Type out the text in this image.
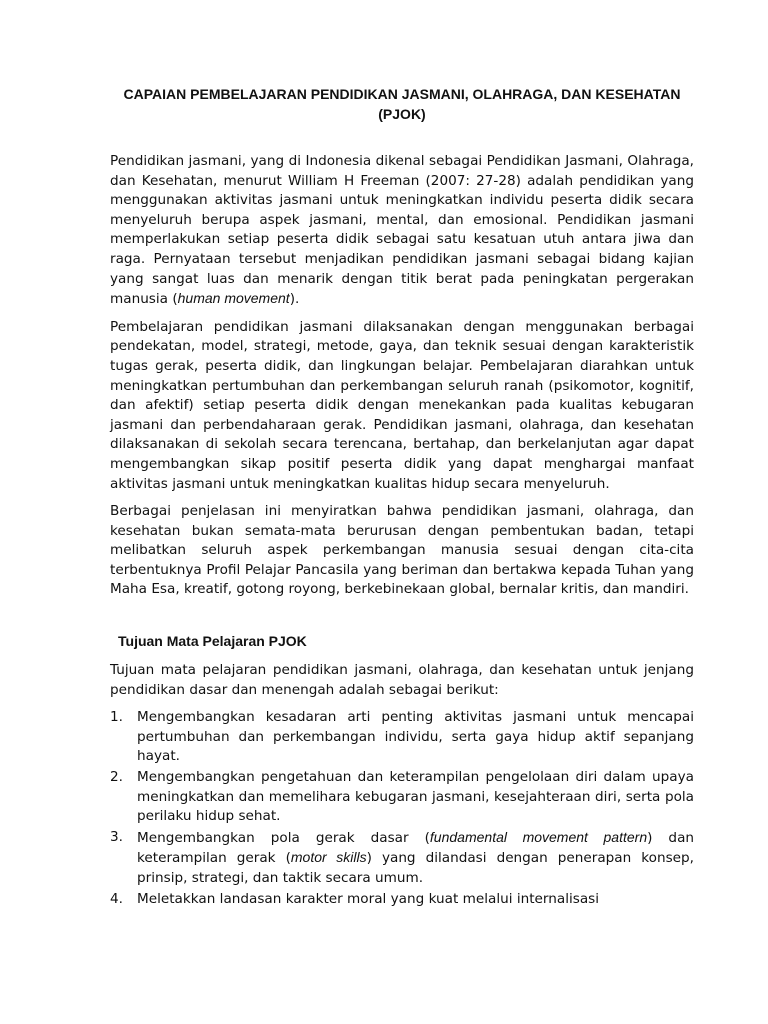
CAPAIAN PEMBELAJARAN PENDIDIKAN JASMANI, OLAHRAGA, DAN KESEHATAN (PJOK)

Pendidikan jasmani, yang di Indonesia dikenal sebagai Pendidikan Jasmani, Olahraga, dan Kesehatan, menurut William H Freeman (2007: 27-28) adalah pendidikan yang menggunakan aktivitas jasmani untuk meningkatkan individu peserta didik secara menyeluruh berupa aspek jasmani, mental, dan emosional. Pendidikan jasmani memperlakukan setiap peserta didik sebagai satu kesatuan utuh antara jiwa dan raga. Pernyataan tersebut menjadikan pendidikan jasmani sebagai bidang kajian yang sangat luas dan menarik dengan titik berat pada peningkatan pergerakan manusia (human movement).

Pembelajaran pendidikan jasmani dilaksanakan dengan menggunakan berbagai pendekatan, model, strategi, metode, gaya, dan teknik sesuai dengan karakteristik tugas gerak, peserta didik, dan lingkungan belajar. Pembelajaran diarahkan untuk meningkatkan pertumbuhan dan perkembangan seluruh ranah (psikomotor, kognitif, dan afektif) setiap peserta didik dengan menekankan pada kualitas kebugaran jasmani dan perbendaharaan gerak. Pendidikan jasmani, olahraga, dan kesehatan dilaksanakan di sekolah secara terencana, bertahap, dan berkelanjutan agar dapat mengembangkan sikap positif peserta didik yang dapat menghargai manfaat aktivitas jasmani untuk meningkatkan kualitas hidup secara menyeluruh.

Berbagai penjelasan ini menyiratkan bahwa pendidikan jasmani, olahraga, dan kesehatan bukan semata-mata berurusan dengan pembentukan badan, tetapi melibatkan seluruh aspek perkembangan manusia sesuai dengan cita-cita terbentuknya Profil Pelajar Pancasila yang beriman dan bertakwa kepada Tuhan yang Maha Esa, kreatif, gotong royong, berkebinekaan global, bernalar kritis, dan mandiri.

Tujuan Mata Pelajaran PJOK

Tujuan mata pelajaran pendidikan jasmani, olahraga, dan kesehatan untuk jenjang pendidikan dasar dan menengah adalah sebagai berikut:

1. Mengembangkan kesadaran arti penting aktivitas jasmani untuk mencapai pertumbuhan dan perkembangan individu, serta gaya hidup aktif sepanjang hayat.
2. Mengembangkan pengetahuan dan keterampilan pengelolaan diri dalam upaya meningkatkan dan memelihara kebugaran jasmani, kesejahteraan diri, serta pola perilaku hidup sehat.
3. Mengembangkan pola gerak dasar (fundamental movement pattern) dan keterampilan gerak (motor skills) yang dilandasi dengan penerapan konsep, prinsip, strategi, dan taktik secara umum.
4. Meletakkan landasan karakter moral yang kuat melalui internalisasi
